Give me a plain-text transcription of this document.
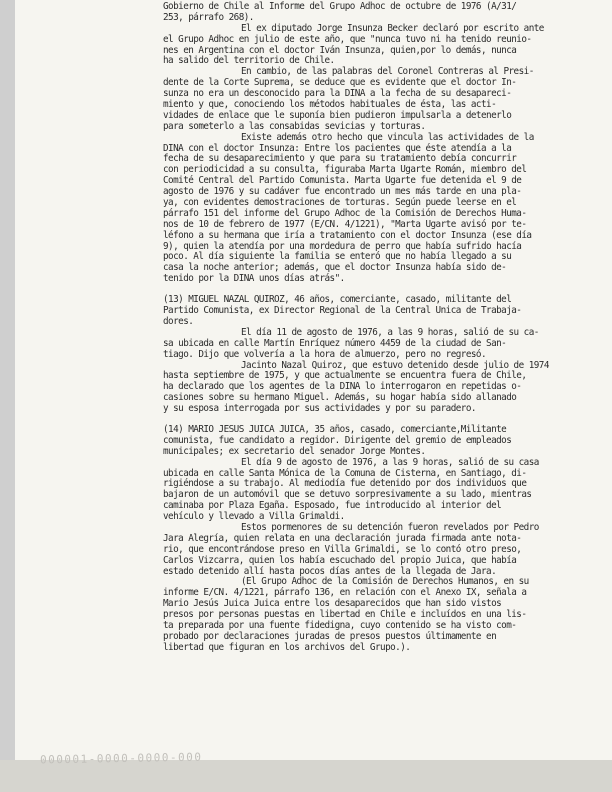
Gobierno de Chile al Informe del Grupo Adhoc de octubre de 1976 (A/31/
253, párrafo 268).
El ex diputado Jorge Insunza Becker declaró por escrito ante
el Grupo Adhoc en julio de este año, que "nunca tuvo ni ha tenido reunio-
nes en Argentina con el doctor Iván Insunza, quien,por lo demás, nunca
ha salido del territorio de Chile.
En cambio, de las palabras del Coronel Contreras al Presi-
dente de la Corte Suprema, se deduce que es evidente que el doctor In-
sunza no era un desconocido para la DINA a la fecha de su desapareci-
miento y que, conociendo los métodos habituales de ésta, las acti-
vidades de enlace que le suponía bien pudieron impulsarla a detenerlo
para someterlo a las consabidas sevicias y torturas.
Existe además otro hecho que vincula las actividades de la
DINA con el doctor Insunza: Entre los pacientes que éste atendía a la
fecha de su desaparecimiento y que para su tratamiento debía concurrir
con periodicidad a su consulta, figuraba Marta Ugarte Román, miembro del
Comité Central del Partido Comunista. Marta Ugarte fue detenida el 9 de
agosto de 1976 y su cadáver fue encontrado un mes más tarde en una pla-
ya, con evidentes demostraciones de torturas. Según puede leerse en el
párrafo 151 del informe del Grupo Adhoc de la Comisión de Derechos Huma-
nos de 10 de febrero de 1977 (E/CN. 4/1221), "Marta Ugarte avisó por te-
léfono a su hermana que iría a tratamiento con el doctor Insunza (ese día
9), quien la atendía por una mordedura de perro que había sufrido hacía
poco. Al día siguiente la familia se enteró que no había llegado a su
casa la noche anterior; además, que el doctor Insunza había sido de-
tenido por la DINA unos días atrás".
(13) MIGUEL NAZAL QUIROZ, 46 años, comerciante, casado, militante del
Partido Comunista, ex Director Regional de la Central Unica de Trabaja-
dores.
El día 11 de agosto de 1976, a las 9 horas, salió de su ca-
sa ubicada en calle Martín Enríquez número 4459 de la ciudad de San-
tiago. Dijo que volvería a la hora de almuerzo, pero no regresó.
Jacinto Nazal Quiroz, que estuvo detenido desde julio de 1974
hasta septiembre de 1975, y que actualmente se encuentra fuera de Chile,
ha declarado que los agentes de la DINA lo interrogaron en repetidas o-
casiones sobre su hermano Miguel. Además, su hogar había sido allanado
y su esposa interrogada por sus actividades y por su paradero.
(14) MARIO JESUS JUICA JUICA, 35 años, casado, comerciante,Militante
comunista, fue candidato a regidor. Dirigente del gremio de empleados
municipales; ex secretario del senador Jorge Montes.
El día 9 de agosto de 1976, a las 9 horas, salió de su casa
ubicada en calle Santa Mónica de la Comuna de Cisterna, en Santiago, di-
rigiéndose a su trabajo. Al mediodía fue detenido por dos individuos que
bajaron de un automóvil que se detuvo sorpresivamente a su lado, mientras
caminaba por Plaza Egaña. Esposado, fue introducido al interior del
vehículo y llevado a Villa Grimaldi.
Estos pormenores de su detención fueron revelados por Pedro
Jara Alegría, quien relata en una declaración jurada firmada ante nota-
rio, que encontrándose preso en Villa Grimaldi, se lo contó otro preso,
Carlos Vizcarra, quien los había escuchado del propio Juica, que había
estado detenido allí hasta pocos días antes de la llegada de Jara.
(El Grupo Adhoc de la Comisión de Derechos Humanos, en su
informe E/CN. 4/1221, párrafo 136, en relación con el Anexo IX, señala a
Mario Jesús Juica Juica entre los desaparecidos que han sido vistos
presos por personas puestas en libertad en Chile e incluídos en una lis-
ta preparada por una fuente fidedigna, cuyo contenido se ha visto com-
probado por declaraciones juradas de presos puestos últimamente en
libertad que figuran en los archivos del Grupo.).
000001-0000-0000-000
